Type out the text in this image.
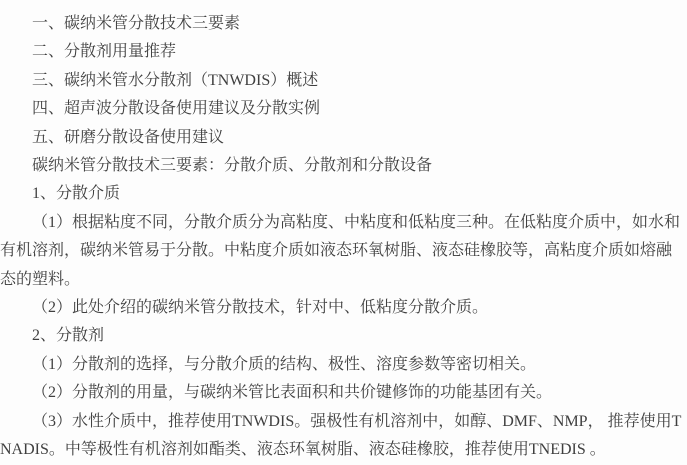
一、碳纳米管分散技术三要素

二、分散剂用量推荐

三、碳纳米管水分散剂（TNWDIS）概述

四、超声波分散设备使用建议及分散实例

五、研磨分散设备使用建议

碳纳米管分散技术三要素：分散介质、分散剂和分散设备

1、分散介质

（1）根据粘度不同，分散介质分为高粘度、中粘度和低粘度三种。在低粘度介质中，如水和有机溶剂，碳纳米管易于分散。中粘度介质如液态环氧树脂、液态硅橡胶等，高粘度介质如熔融态的塑料。

（2）此处介绍的碳纳米管分散技术，针对中、低粘度分散介质。

2、分散剂

（1）分散剂的选择，与分散介质的结构、极性、溶度参数等密切相关。

（2）分散剂的用量，与碳纳米管比表面积和共价键修饰的功能基团有关。

（3）水性介质中，推荐使用TNWDIS。强极性有机溶剂中，如醇、DMF、NMP， 推荐使用TNADIS。中等极性有机溶剂如酯类、液态环氧树脂、液态硅橡胶，推荐使用TNEDIS 。
